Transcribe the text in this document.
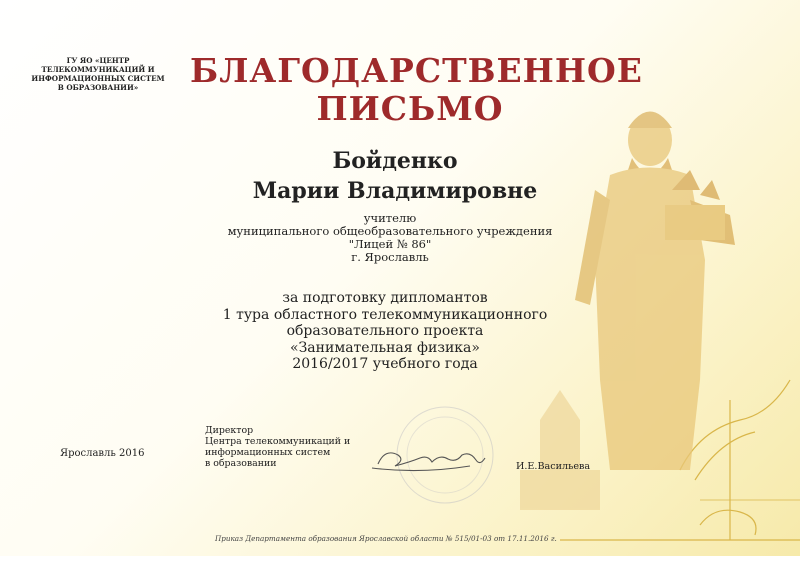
ГУ ЯО «ЦЕНТР
ТЕЛЕКОММУНИКАЦИЙ И
ИНФОРМАЦИОННЫХ СИСТЕМ
В ОБРАЗОВАНИИ»	БЛАГОДАРСТВЕННОЕ
ПИСЬМО
Бойденко
Марии Владимировне
учителю
муниципального общеобразовательного учреждения
"Лицей № 86"
г. Ярославль
за подготовку дипломантов
1 тура областного телекоммуникационного
образовательного проекта
«Занимательная физика»
2016/2017 учебного года
Ярославль 2016
Директор
Центра телекоммуникаций и
информационных систем
в образовании	И.Е.Васильева
Приказ Департамента образования Ярославской области № 515/01-03 от 17.11.2016 г.
